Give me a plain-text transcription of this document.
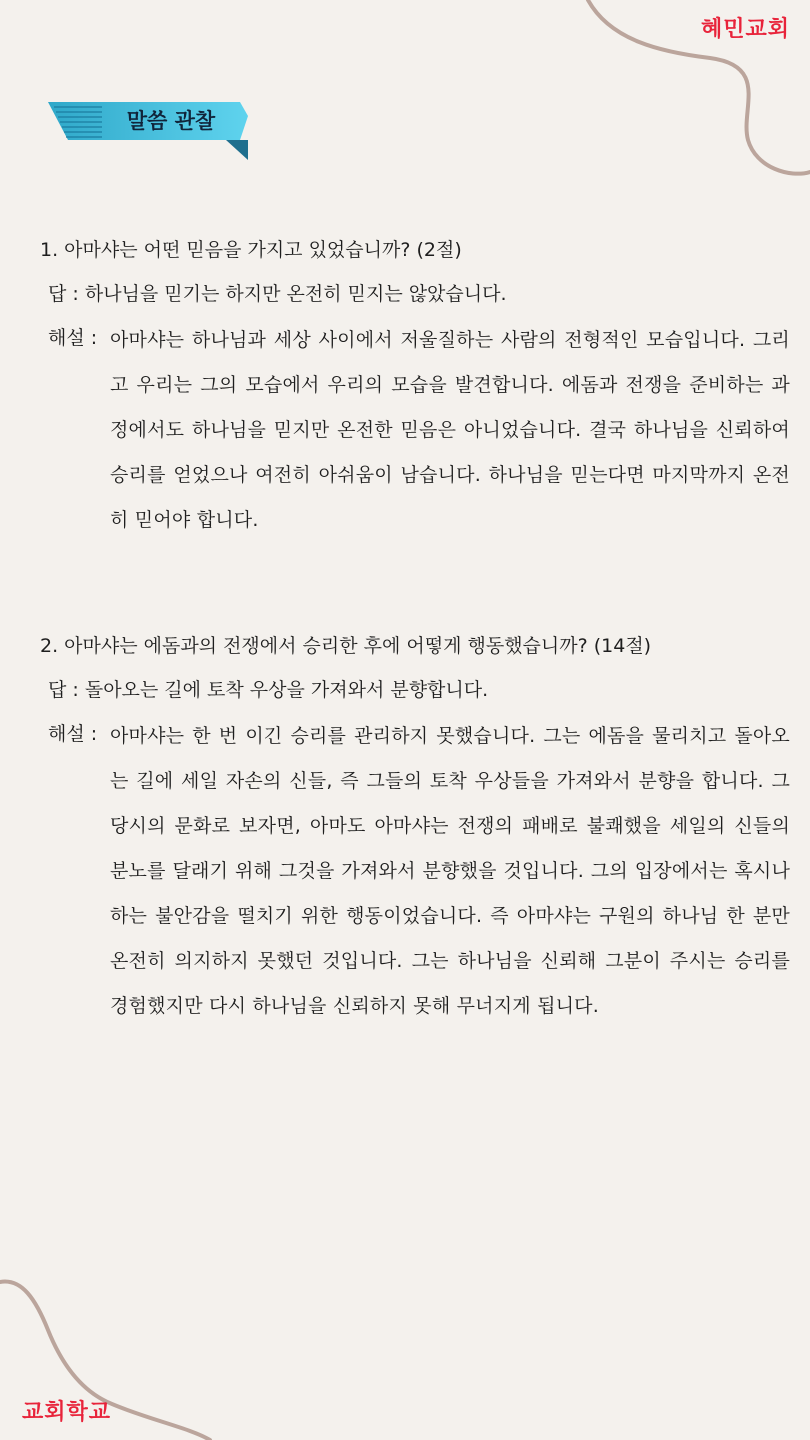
혜민교회
말씀 관찰

1. 아마샤는 어떤 믿음을 가지고 있었습니까? (2절)

답 : 하나님을 믿기는 하지만 온전히 믿지는 않았습니다.

해설 : 아마샤는 하나님과 세상 사이에서 저울질하는 사람의 전형적인 모습입니다. 그리고 우리는 그의 모습에서 우리의 모습을 발견합니다. 에돔과 전쟁을 준비하는 과정에서도 하나님을 믿지만 온전한 믿음은 아니었습니다. 결국 하나님을 신뢰하여 승리를 얻었으나 여전히 아쉬움이 남습니다. 하나님을 믿는다면 마지막까지 온전히 믿어야 합니다.

2. 아마샤는 에돔과의 전쟁에서 승리한 후에 어떻게 행동했습니까? (14절)

답 : 돌아오는 길에 토착 우상을 가져와서 분향합니다.

해설 : 아마샤는 한 번 이긴 승리를 관리하지 못했습니다. 그는 에돔을 물리치고 돌아오는 길에 세일 자손의 신들, 즉 그들의 토착 우상들을 가져와서 분향을 합니다. 그 당시의 문화로 보자면, 아마도 아마샤는 전쟁의 패배로 불쾌했을 세일의 신들의 분노를 달래기 위해 그것을 가져와서 분향했을 것입니다. 그의 입장에서는 혹시나 하는 불안감을 떨치기 위한 행동이었습니다. 즉 아마샤는 구원의 하나님 한 분만 온전히 의지하지 못했던 것입니다. 그는 하나님을 신뢰해 그분이 주시는 승리를 경험했지만 다시 하나님을 신뢰하지 못해 무너지게 됩니다.

교회학교
